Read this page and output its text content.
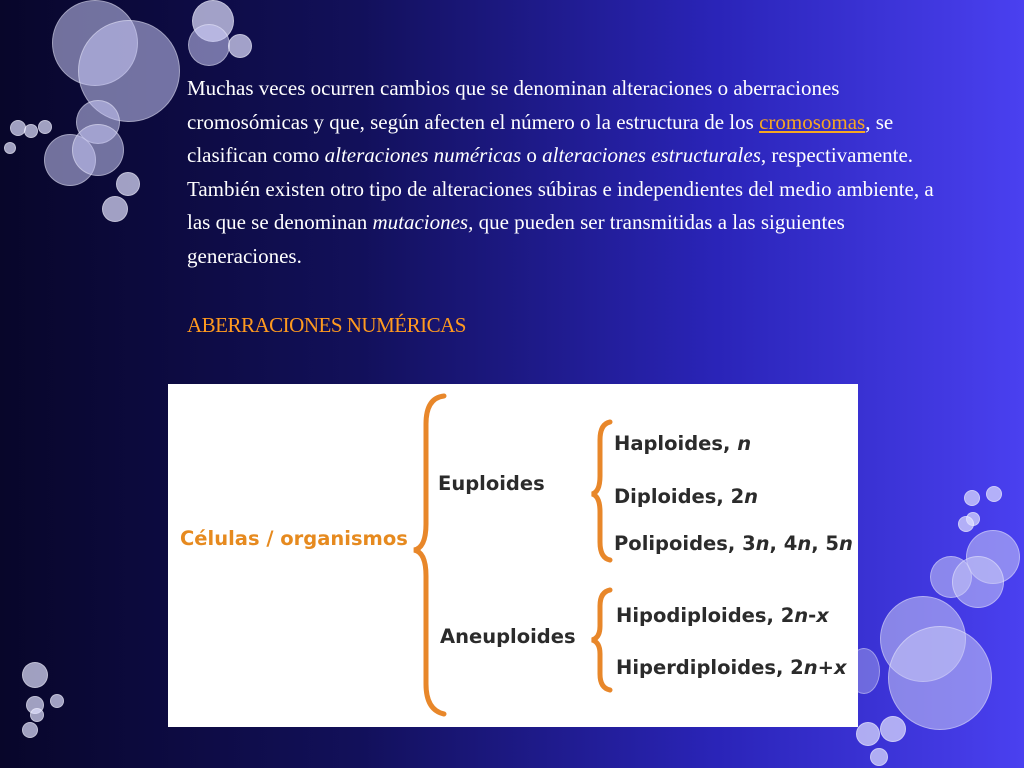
Muchas veces ocurren cambios que se denominan alteraciones o aberraciones cromosómicas y que, según afecten el número o la estructura de los cromosomas, se clasifican como alteraciones numéricas o alteraciones estructurales, respectivamente. También existen otro tipo de alteraciones súbiras e independientes del medio ambiente, a las que se denominan mutaciones, que pueden ser transmitidas a las siguientes generaciones.
ABERRACIONES NUMÉRICAS
Células / organismos
Euploides
Aneuploides
Haploides, n
Diploides, 2n
Polipoides, 3n, 4n, 5n
Hipodiploides, 2n-x
Hiperdiploides, 2n+x
